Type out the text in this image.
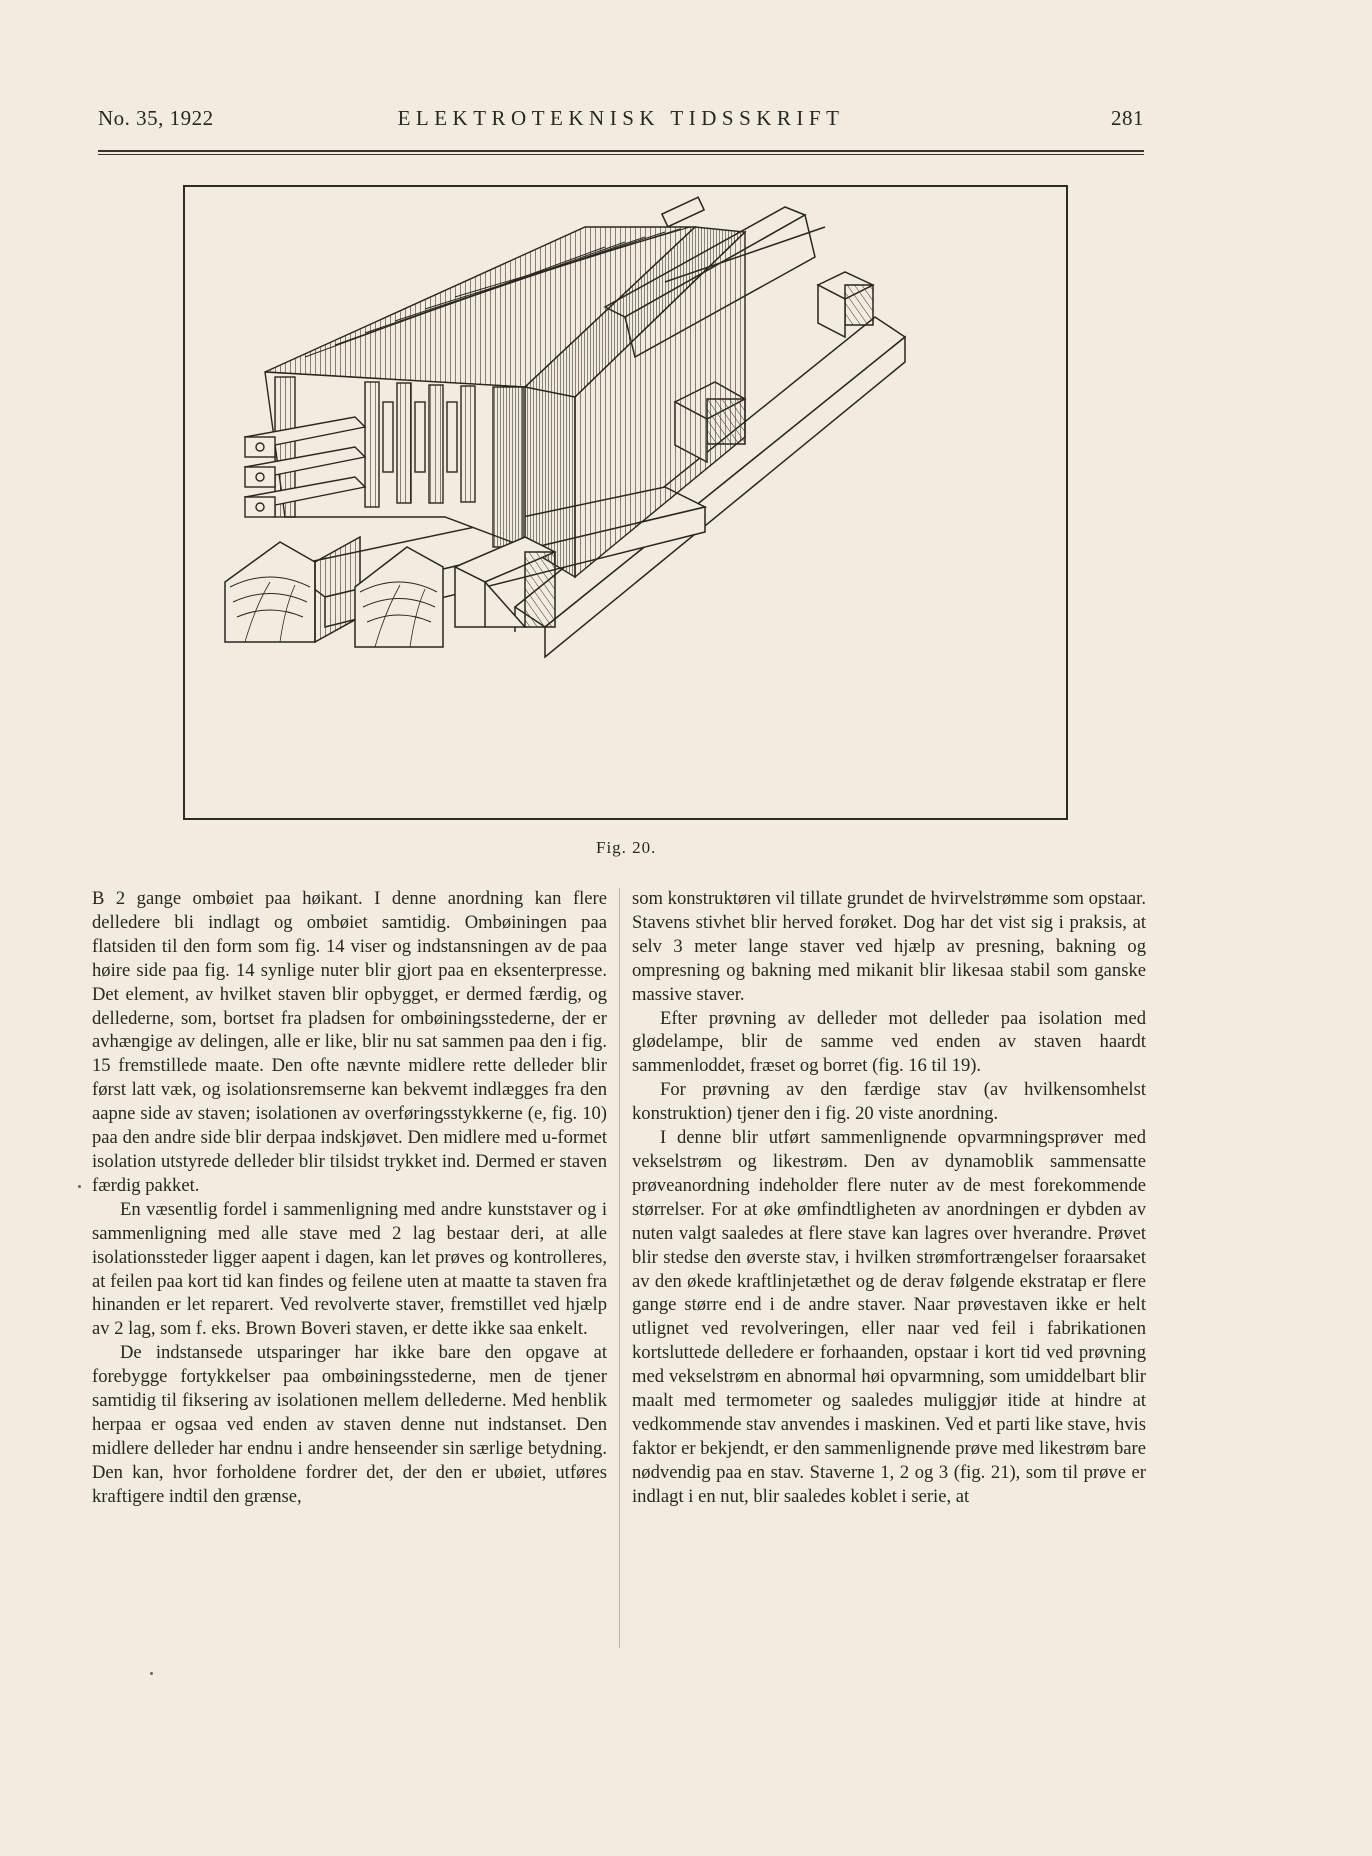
No. 35, 1922	ELEKTROTEKNISK TIDSSKRIFT	281
Fig. 20.

B 2 gange ombøiet paa høikant. I denne anordning kan flere delledere bli indlagt og ombøiet samtidig. Ombøiningen paa flatsiden til den form som fig. 14 viser og indstansningen av de paa høire side paa fig. 14 synlige nuter blir gjort paa en eksenterpresse. Det element, av hvilket staven blir opbygget, er dermed færdig, og dellederne, som, bortset fra pladsen for ombøiningsstederne, der er avhængige av delingen, alle er like, blir nu sat sammen paa den i fig. 15 fremstillede maate. Den ofte nævnte midlere rette delleder blir først latt væk, og isolationsremserne kan bekvemt indlægges fra den aapne side av staven; isolationen av overføringsstykkerne (e, fig. 10) paa den andre side blir derpaa indskjøvet. Den midlere med u-formet isolation utstyrede delleder blir tilsidst trykket ind. Dermed er staven færdig pakket.

En væsentlig fordel i sammenligning med andre kunststaver og i sammenligning med alle stave med 2 lag bestaar deri, at alle isolationssteder ligger aapent i dagen, kan let prøves og kontrolleres, at feilen paa kort tid kan findes og feilene uten at maatte ta staven fra hinanden er let reparert. Ved revolverte staver, fremstillet ved hjælp av 2 lag, som f. eks. Brown Boveri staven, er dette ikke saa enkelt.

De indstansede utsparinger har ikke bare den opgave at forebygge fortykkelser paa ombøiningsstederne, men de tjener samtidig til fiksering av isolationen mellem dellederne. Med henblik herpaa er ogsaa ved enden av staven denne nut indstanset. Den midlere delleder har endnu i andre henseender sin særlige betydning. Den kan, hvor forholdene fordrer det, der den er ubøiet, utføres kraftigere indtil den grænse,

som konstruktøren vil tillate grundet de hvirvelstrømme som opstaar. Stavens stivhet blir herved forøket. Dog har det vist sig i praksis, at selv 3 meter lange staver ved hjælp av presning, bakning og ompresning og bakning med mikanit blir likesaa stabil som ganske massive staver.

Efter prøvning av delleder mot delleder paa isolation med glødelampe, blir de samme ved enden av staven haardt sammenloddet, fræset og borret (fig. 16 til 19).

For prøvning av den færdige stav (av hvilkensomhelst konstruktion) tjener den i fig. 20 viste anordning.

I denne blir utført sammenlignende opvarmningsprøver med vekselstrøm og likestrøm. Den av dynamoblik sammensatte prøveanordning indeholder flere nuter av de mest forekommende størrelser. For at øke ømfindtligheten av anordningen er dybden av nuten valgt saaledes at flere stave kan lagres over hverandre. Prøvet blir stedse den øverste stav, i hvilken strømfortrængelser foraarsaket av den økede kraftlinjetæthet og de derav følgende ekstratap er flere gange større end i de andre staver. Naar prøvestaven ikke er helt utlignet ved revolveringen, eller naar ved feil i fabrikationen kortsluttede delledere er forhaanden, opstaar i kort tid ved prøvning med vekselstrøm en abnormal høi opvarmning, som umiddelbart blir maalt med termometer og saaledes muliggjør itide at hindre at vedkommende stav anvendes i maskinen. Ved et parti like stave, hvis faktor er bekjendt, er den sammenlignende prøve med likestrøm bare nødvendig paa en stav. Staverne 1, 2 og 3 (fig. 21), som til prøve er indlagt i en nut, blir saaledes koblet i serie, at
